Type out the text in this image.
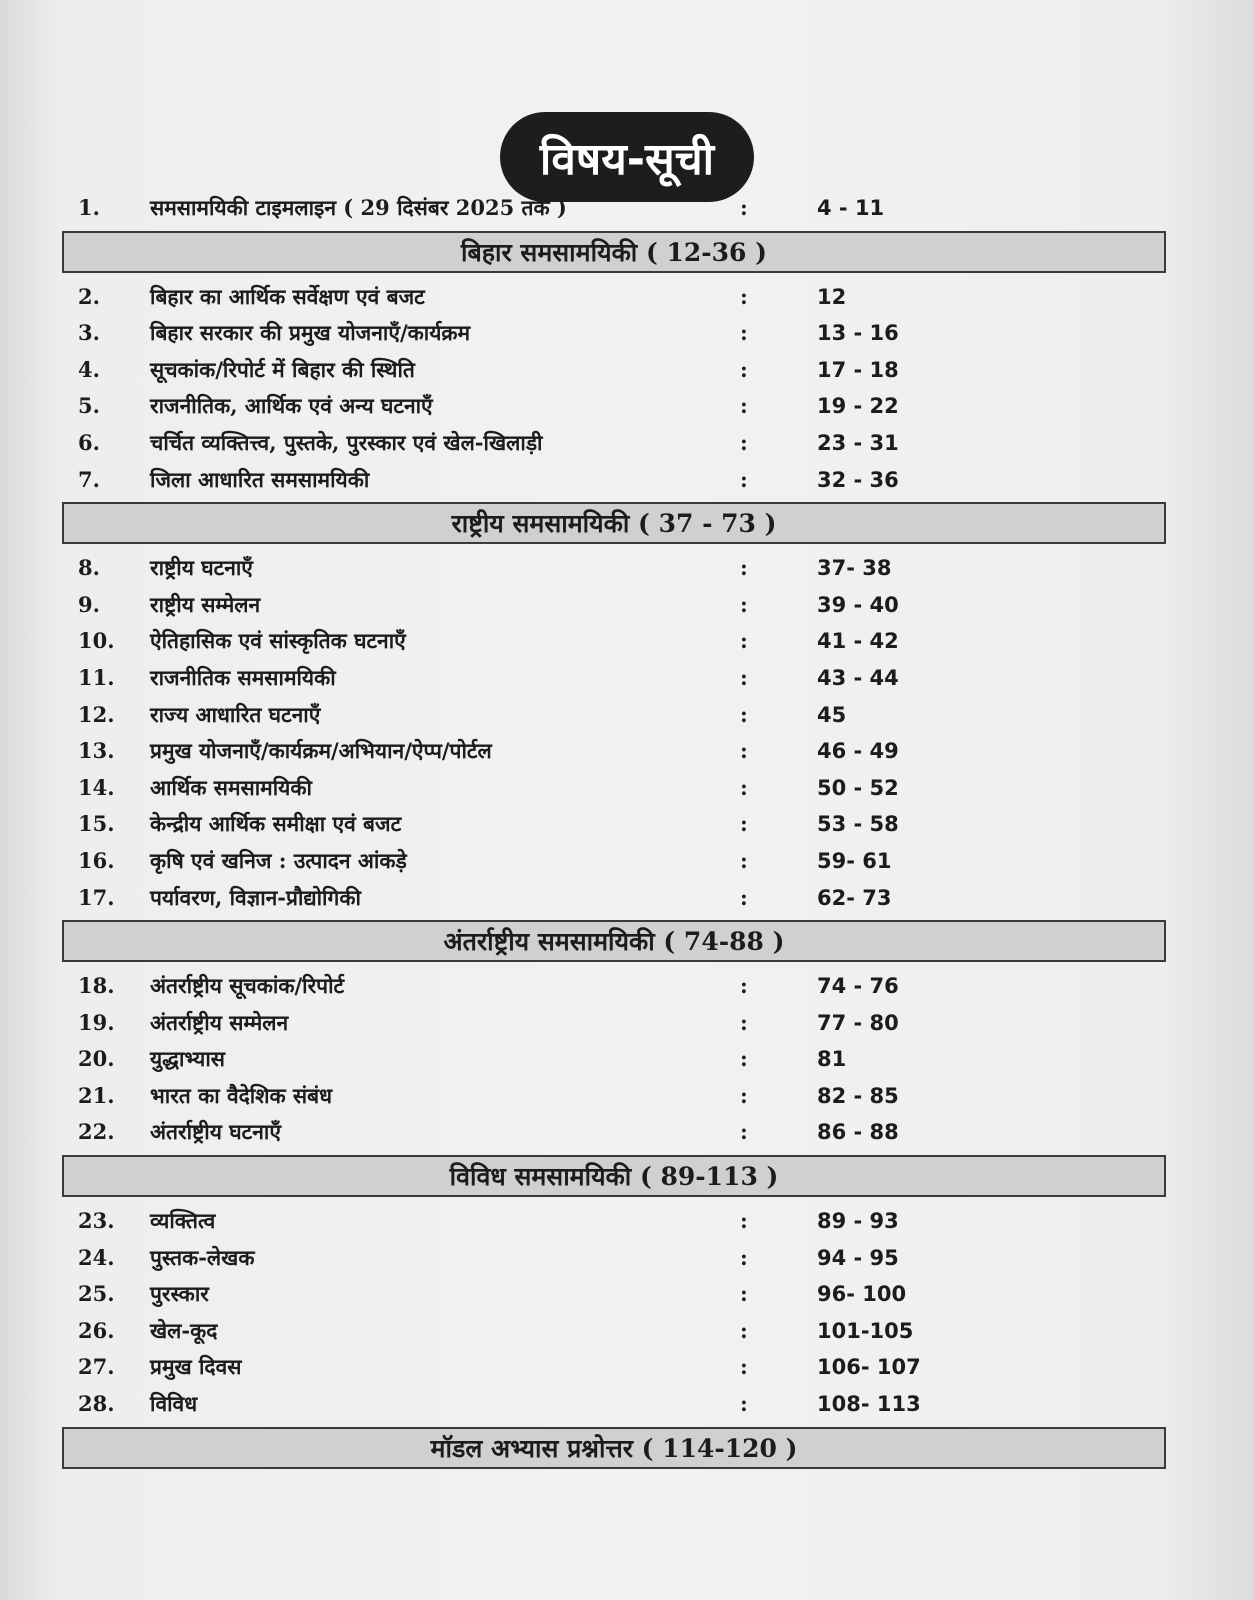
विषय-सूची
1. समसामयिकी टाइमलाइन ( 29 दिसंबर 2025 तक )	:	4 - 11
बिहार समसामयिकी ( 12-36 )
2. बिहार का आर्थिक सर्वेक्षण एवं बजट	:	12
3. बिहार सरकार की प्रमुख योजनाएँ/कार्यक्रम	:	13 - 16
4. सूचकांक/रिपोर्ट में बिहार की स्थिति	:	17 - 18
5. राजनीतिक, आर्थिक एवं अन्य घटनाएँ	:	19 - 22
6. चर्चित व्यक्तित्त्व, पुस्तके, पुरस्कार एवं खेल-खिलाड़ी	:	23 - 31
7. जिला आधारित समसामयिकी	:	32 - 36
राष्ट्रीय समसामयिकी ( 37 - 73 )
8. राष्ट्रीय घटनाएँ	:	37- 38
9. राष्ट्रीय सम्मेलन	:	39 - 40
10. ऐतिहासिक एवं सांस्कृतिक घटनाएँ	:	41 - 42
11. राजनीतिक समसामयिकी	:	43 - 44
12. राज्य आधारित घटनाएँ	:	45
13. प्रमुख योजनाएँ/कार्यक्रम/अभियान/ऐप्प/पोर्टल	:	46 - 49
14. आर्थिक समसामयिकी	:	50 - 52
15. केन्द्रीय आर्थिक समीक्षा एवं बजट	:	53 - 58
16. कृषि एवं खनिज : उत्पादन आंकड़े	:	59- 61
17. पर्यावरण, विज्ञान-प्रौद्योगिकी	:	62- 73
अंतर्राष्ट्रीय समसामयिकी ( 74-88 )
18. अंतर्राष्ट्रीय सूचकांक/रिपोर्ट	:	74 - 76
19. अंतर्राष्ट्रीय सम्मेलन	:	77 - 80
20. युद्धाभ्यास	:	81
21. भारत का वैदेशिक संबंध	:	82 - 85
22. अंतर्राष्ट्रीय घटनाएँ	:	86 - 88
विविध समसामयिकी ( 89-113 )
23. व्यक्तित्व	:	89 - 93
24. पुस्तक-लेखक	:	94 - 95
25. पुरस्कार	:	96- 100
26. खेल-कूद	:	101-105
27. प्रमुख दिवस	:	106- 107
28. विविध	:	108- 113
मॉडल अभ्यास प्रश्नोत्तर ( 114-120 )
